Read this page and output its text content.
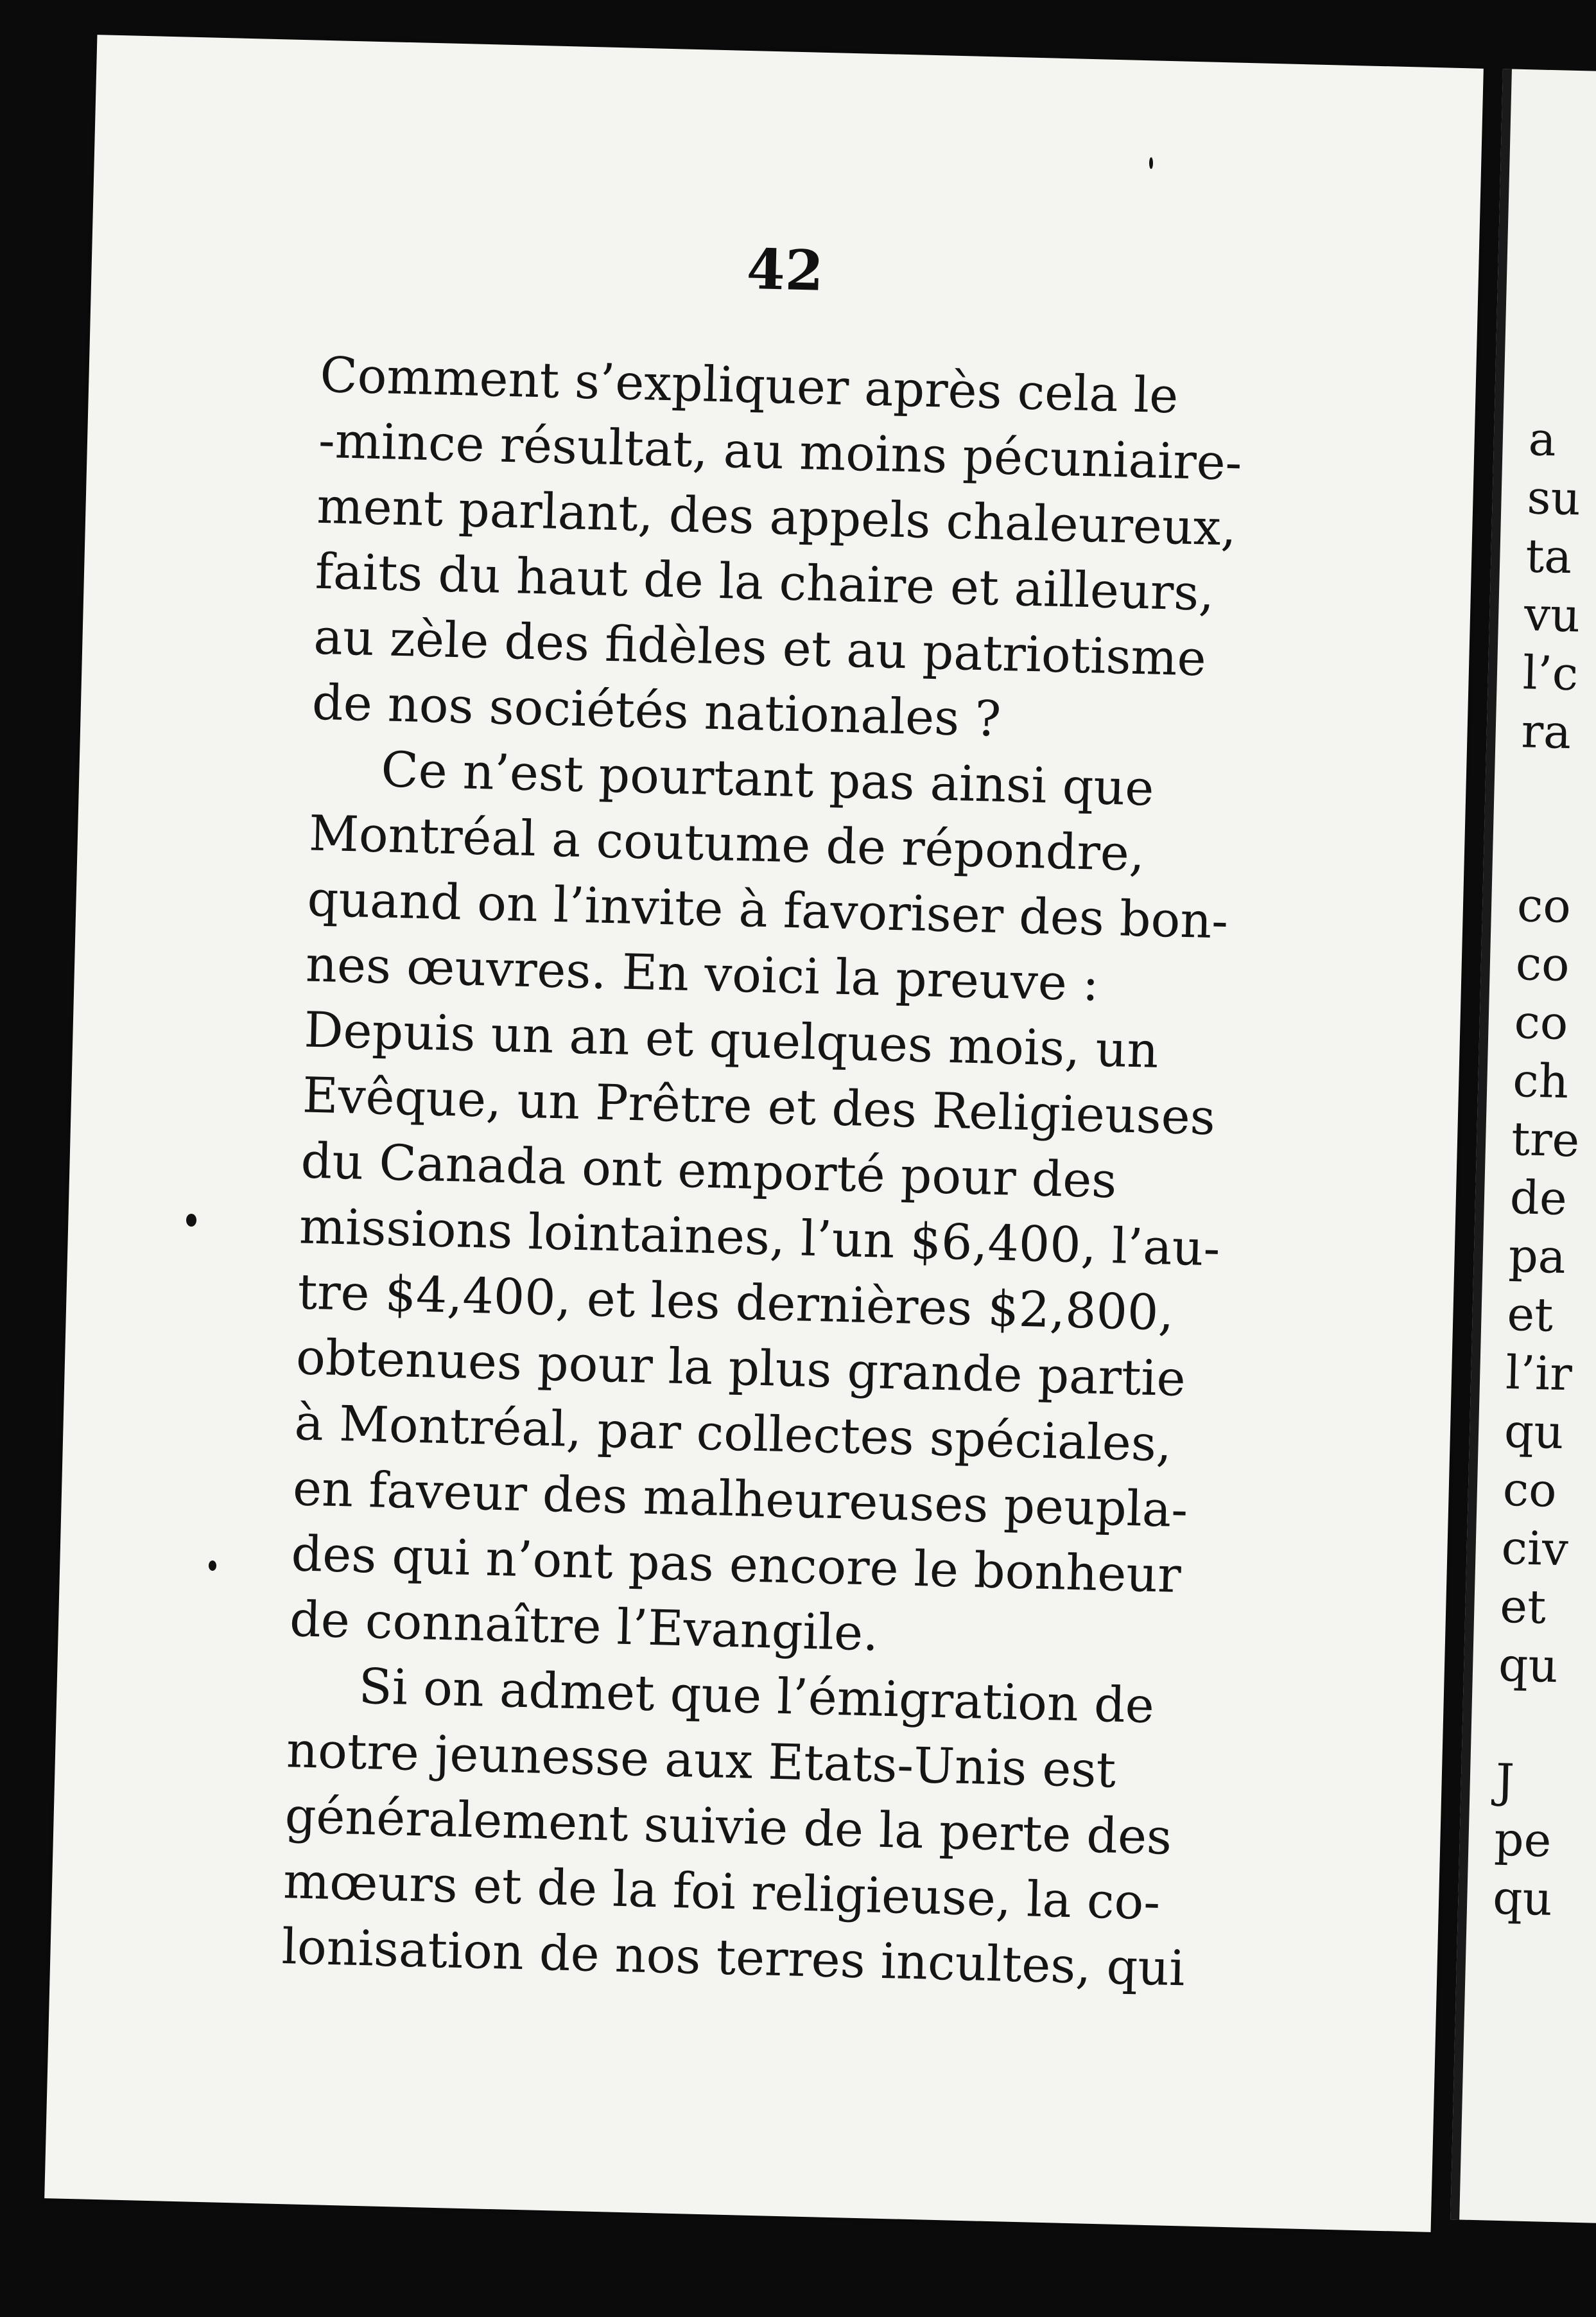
42
Comment s’expliquer après cela le
-mince résultat, au moins pécuniaire-
ment parlant, des appels chaleureux,
faits du haut de la chaire et ailleurs,
au zèle des fidèles et au patriotisme
de nos sociétés nationales ?
Ce n’est pourtant pas ainsi que
Montréal a coutume de répondre,
quand on l’invite à favoriser des bon-
nes œuvres. En voici la preuve :
Depuis un an et quelques mois, un
Evêque, un Prêtre et des Religieuses
du Canada ont emporté pour des
missions lointaines, l’un $6,400, l’au-
tre $4,400, et les dernières $2,800,
obtenues pour la plus grande partie
à Montréal, par collectes spéciales,
en faveur des malheureuses peupla-
des qui n’ont pas encore le bonheur
de connaître l’Evangile.
Si on admet que l’émigration de
notre jeunesse aux Etats-Unis est
généralement suivie de la perte des
mœurs et de la foi religieuse, la co-
lonisation de nos terres incultes, qui
a
su
ta
vu
l’c
ra
co
co
co
ch
tre
de
pa
et
l’ir
qu
co
civ
et
qu
J
pe
qu
